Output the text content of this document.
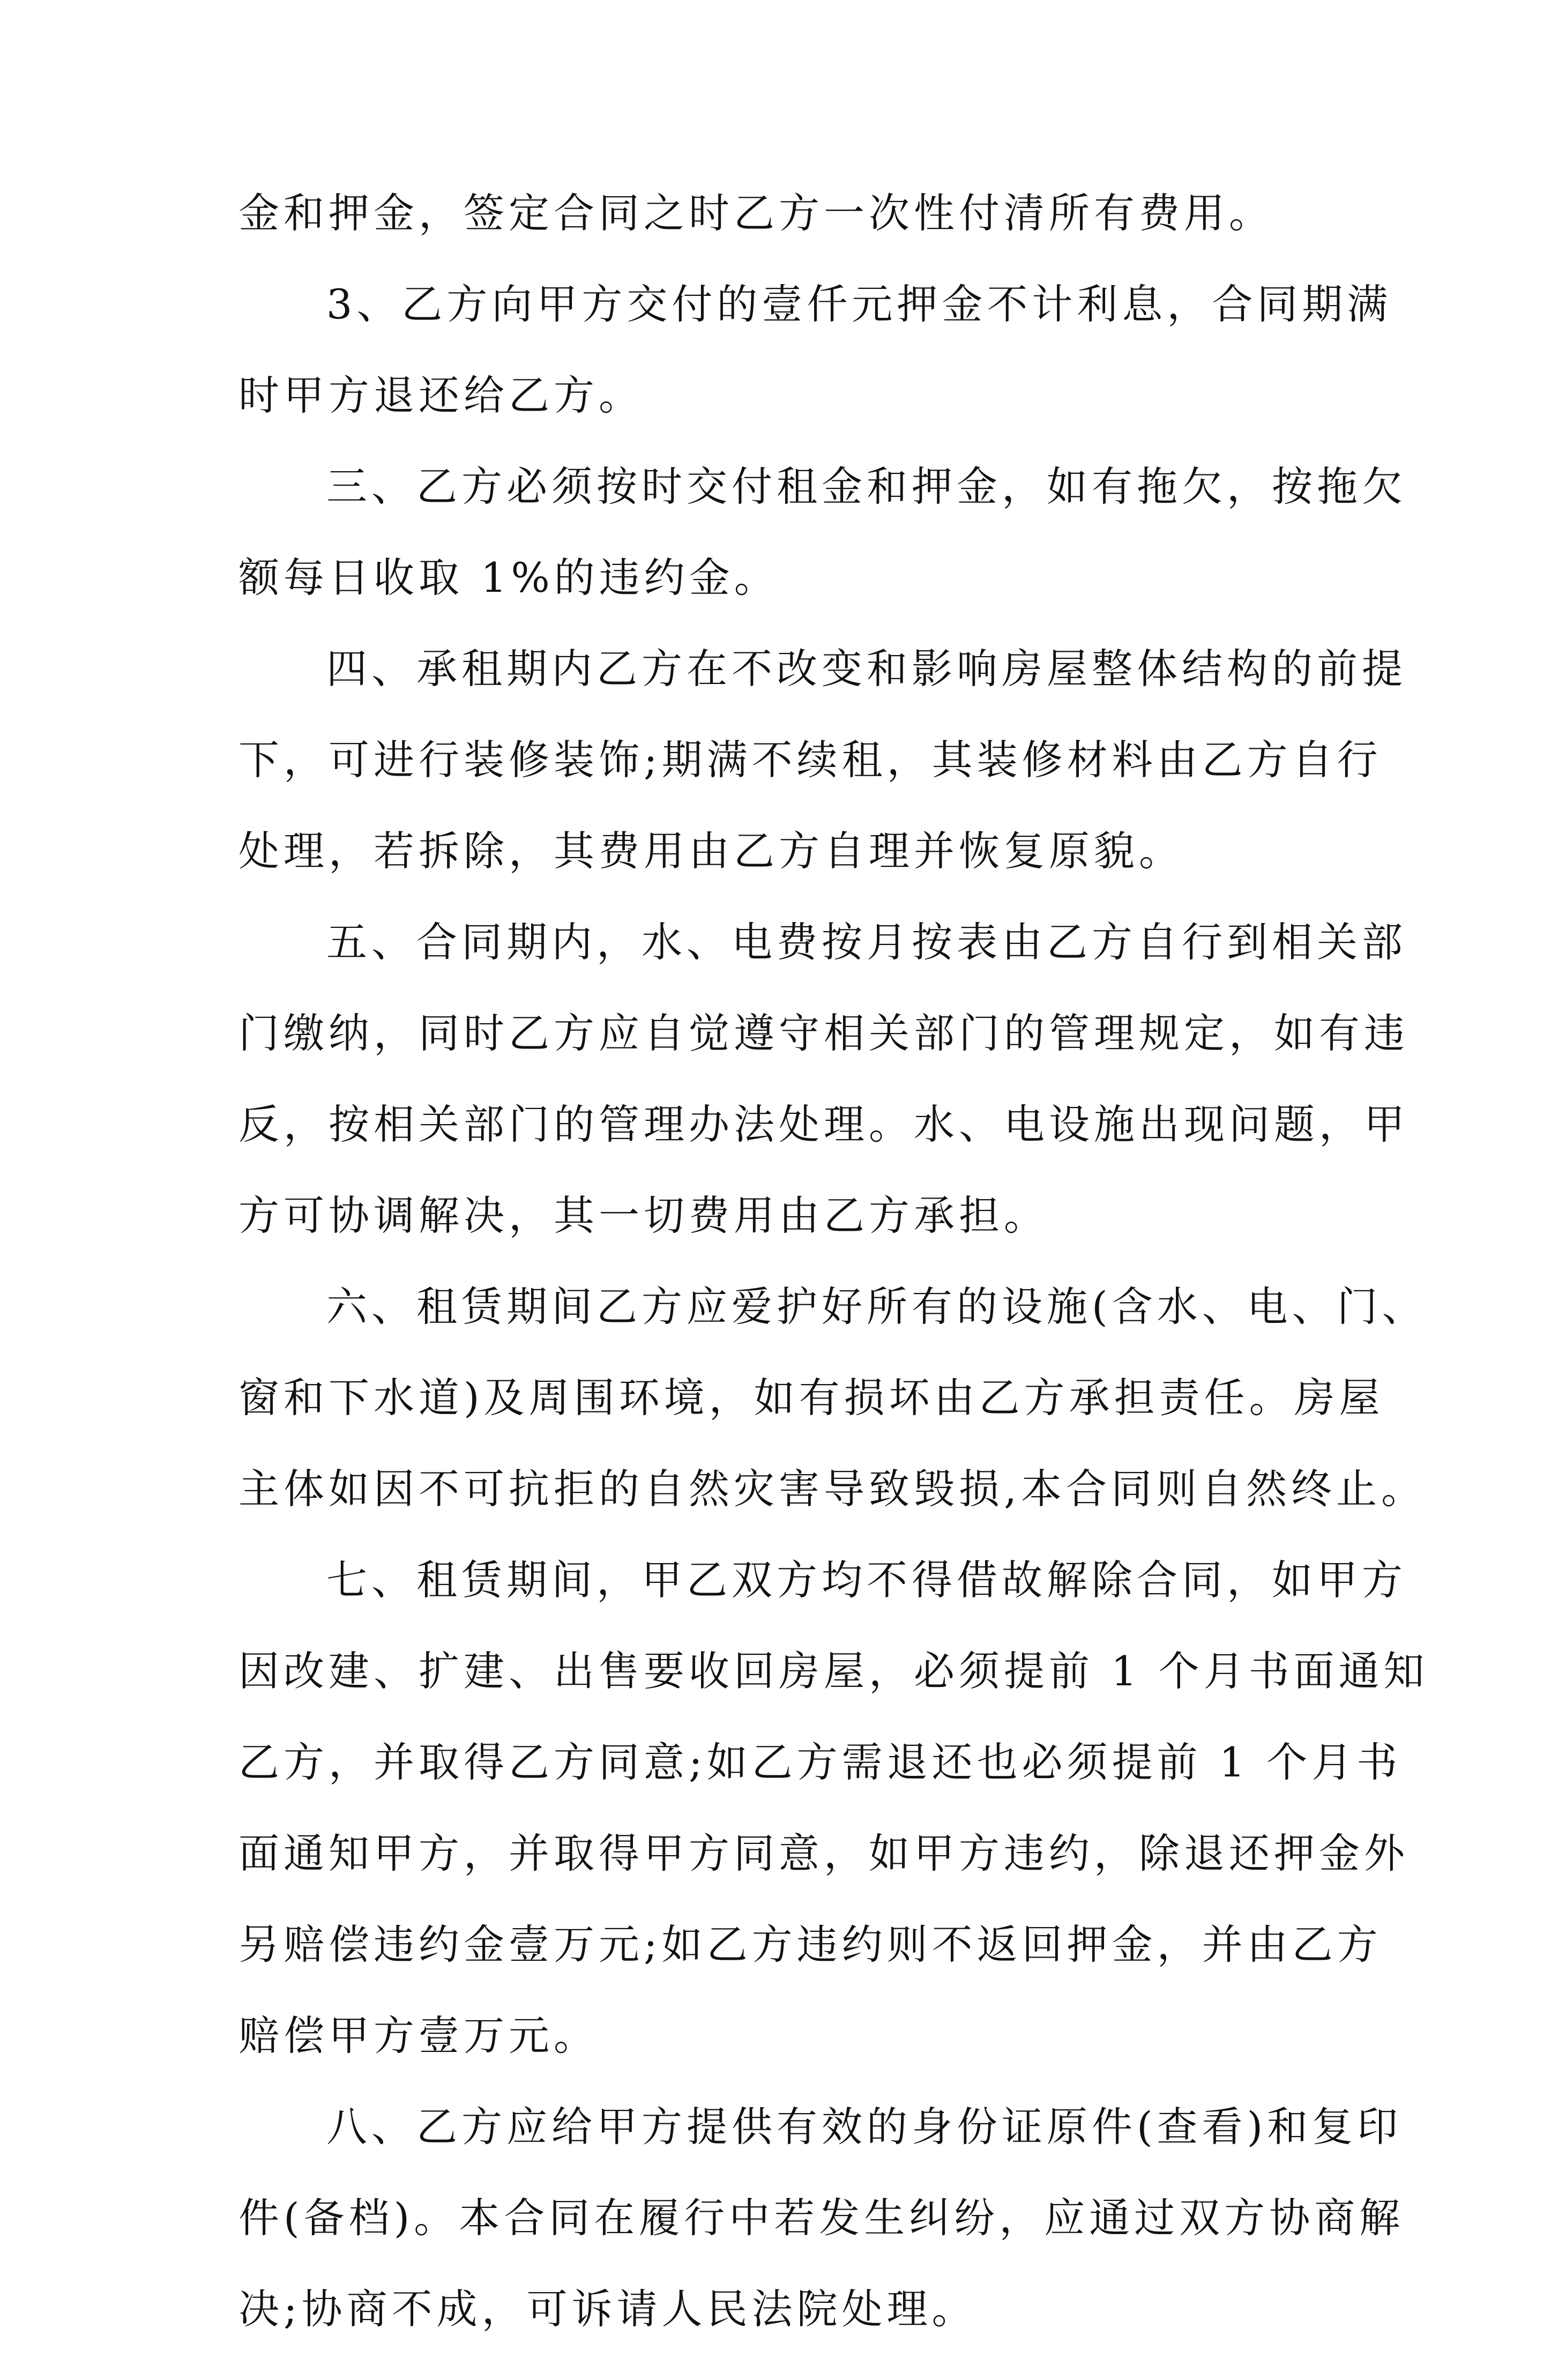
金和押金，签定合同之时乙方一次性付清所有费用。
3、乙方向甲方交付的壹仟元押金不计利息，合同期满
时甲方退还给乙方。
三、乙方必须按时交付租金和押金，如有拖欠，按拖欠
额每日收取 1%的违约金。
四、承租期内乙方在不改变和影响房屋整体结构的前提
下，可进行装修装饰;期满不续租，其装修材料由乙方自行
处理，若拆除，其费用由乙方自理并恢复原貌。
五、合同期内，水、电费按月按表由乙方自行到相关部
门缴纳，同时乙方应自觉遵守相关部门的管理规定，如有违
反，按相关部门的管理办法处理。水、电设施出现问题，甲
方可协调解决，其一切费用由乙方承担。
六、租赁期间乙方应爱护好所有的设施(含水、电、门、
窗和下水道)及周围环境，如有损坏由乙方承担责任。房屋
主体如因不可抗拒的自然灾害导致毁损,本合同则自然终止。
七、租赁期间，甲乙双方均不得借故解除合同，如甲方
因改建、扩建、出售要收回房屋，必须提前 1 个月书面通知
乙方，并取得乙方同意;如乙方需退还也必须提前 1 个月书
面通知甲方，并取得甲方同意，如甲方违约，除退还押金外
另赔偿违约金壹万元;如乙方违约则不返回押金，并由乙方
赔偿甲方壹万元。
八、乙方应给甲方提供有效的身份证原件(查看)和复印
件(备档)。本合同在履行中若发生纠纷，应通过双方协商解
决;协商不成，可诉请人民法院处理。
